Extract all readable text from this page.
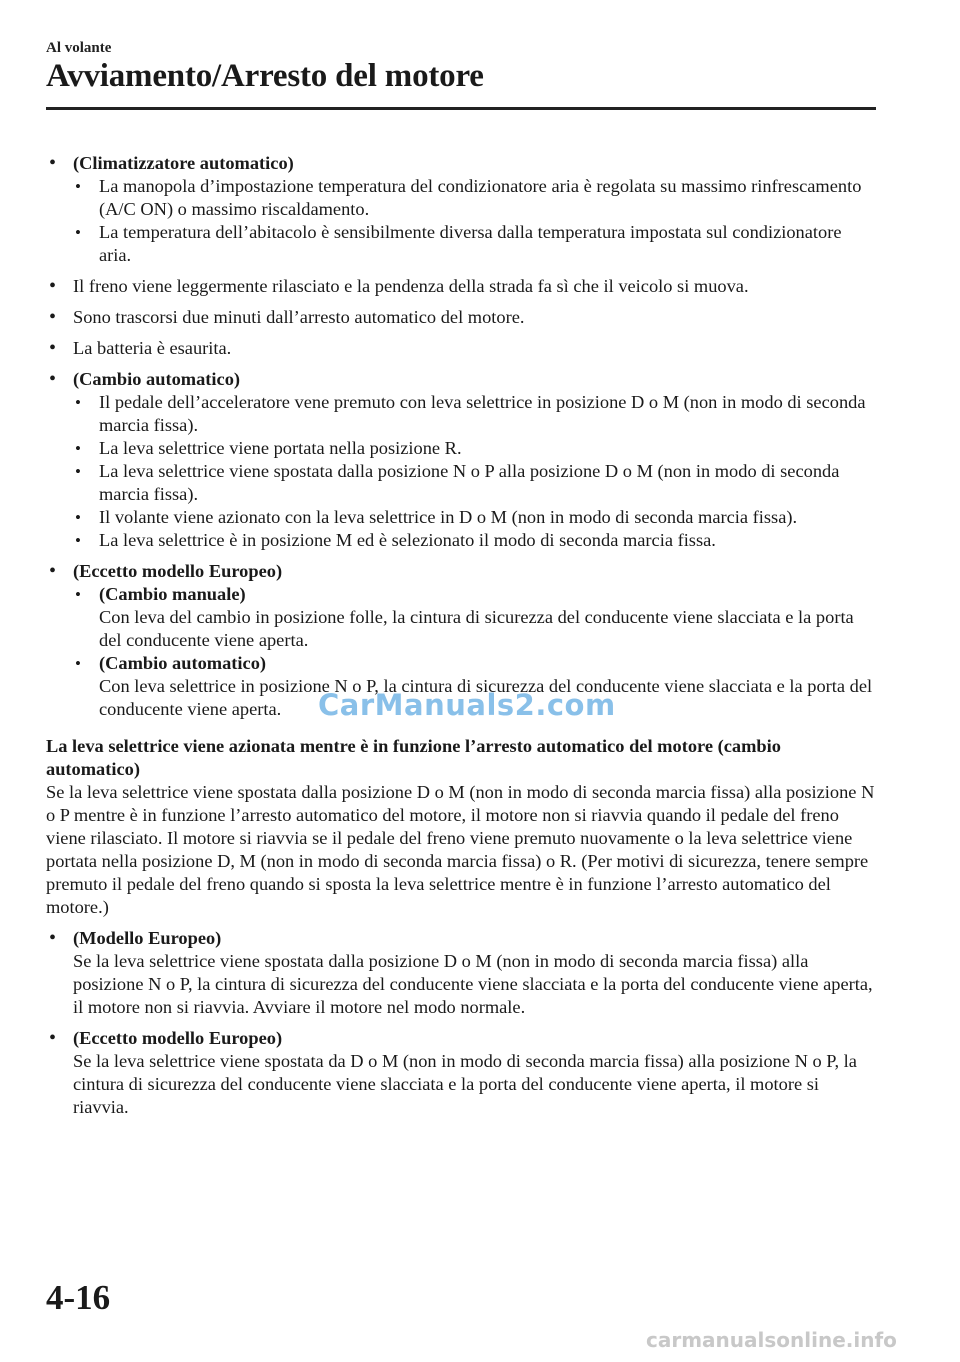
Al volante
Avviamento/Arresto del motore
• (Climatizzatore automatico)
• La manopola d’impostazione temperatura del condizionatore aria è regolata su massimo rinfrescamento (A/C ON) o massimo riscaldamento.
• La temperatura dell’abitacolo è sensibilmente diversa dalla temperatura impostata sul condizionatore aria.
• Il freno viene leggermente rilasciato e la pendenza della strada fa sì che il veicolo si muova.
• Sono trascorsi due minuti dall’arresto automatico del motore.
• La batteria è esaurita.
• (Cambio automatico)
• Il pedale dell’acceleratore vene premuto con leva selettrice in posizione D o M (non in modo di seconda marcia fissa).
• La leva selettrice viene portata nella posizione R.
• La leva selettrice viene spostata dalla posizione N o P alla posizione D o M (non in modo di seconda marcia fissa).
• Il volante viene azionato con la leva selettrice in D o M (non in modo di seconda marcia fissa).
• La leva selettrice è in posizione M ed è selezionato il modo di seconda marcia fissa.
• (Eccetto modello Europeo)
• (Cambio manuale)
Con leva del cambio in posizione folle, la cintura di sicurezza del conducente viene slacciata e la porta del conducente viene aperta.
• (Cambio automatico)
Con leva selettrice in posizione N o P, la cintura di sicurezza del conducente viene slacciata e la porta del conducente viene aperta.
La leva selettrice viene azionata mentre è in funzione l’arresto automatico del motore (cambio automatico)
Se la leva selettrice viene spostata dalla posizione D o M (non in modo di seconda marcia fissa) alla posizione N o P mentre è in funzione l’arresto automatico del motore, il motore non si riavvia quando il pedale del freno viene rilasciato. Il motore si riavvia se il pedale del freno viene premuto nuovamente o la leva selettrice viene portata nella posizione D, M (non in modo di seconda marcia fissa) o R. (Per motivi di sicurezza, tenere sempre premuto il pedale del freno quando si sposta la leva selettrice mentre è in funzione l’arresto automatico del motore.)
• (Modello Europeo)
Se la leva selettrice viene spostata dalla posizione D o M (non in modo di seconda marcia fissa) alla posizione N o P, la cintura di sicurezza del conducente viene slacciata e la porta del conducente viene aperta, il motore non si riavvia. Avviare il motore nel modo normale.
• (Eccetto modello Europeo)
Se la leva selettrice viene spostata da D o M (non in modo di seconda marcia fissa) alla posizione N o P, la cintura di sicurezza del conducente viene slacciata e la porta del conducente viene aperta, il motore si riavvia.
CarManuals2.com
4-16
carmanualsonline.info
